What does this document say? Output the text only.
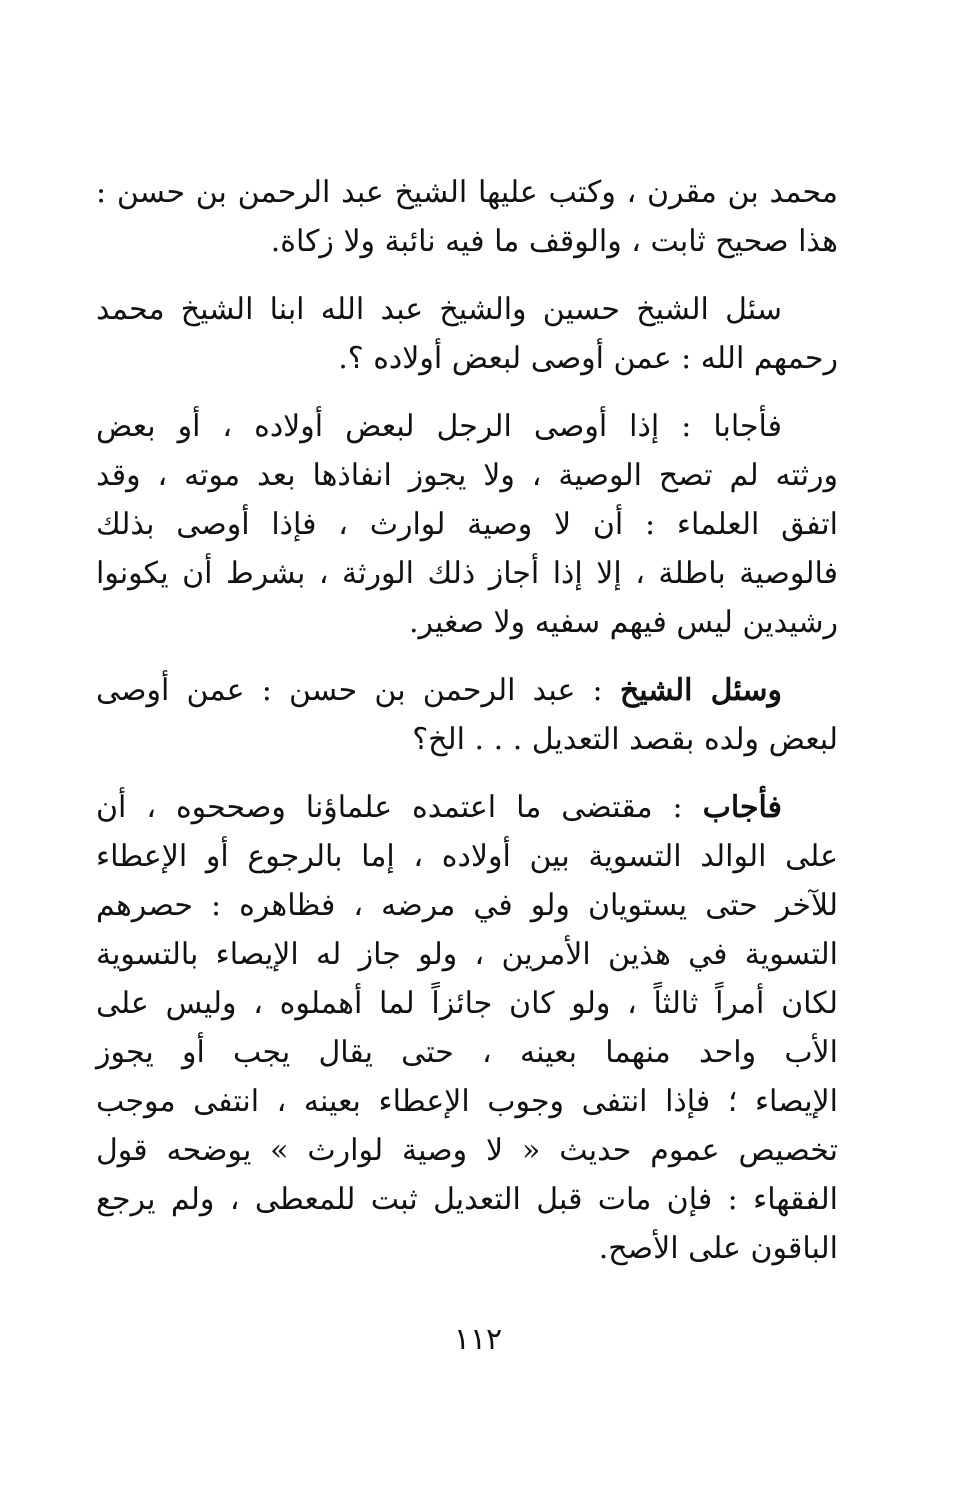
محمد بن مقرن ، وكتب عليها الشيخ عبد الرحمن بن حسن :
هذا صحيح ثابت ، والوقف ما فيه نائبة ولا زكاة.

سئل الشيخ حسين والشيخ عبد الله ابنا الشيخ محمد
رحمهم الله : عمن أوصى لبعض أولاده ؟.

فأجابا : إذا أوصى الرجل لبعض أولاده ، أو بعض
ورثته لم تصح الوصية ، ولا يجوز انفاذها بعد موته ، وقد
اتفق العلماء : أن لا وصية لوارث ، فإذا أوصى بذلك
فالوصية باطلة ، إلا إذا أجاز ذلك الورثة ، بشرط أن يكونوا
رشيدين ليس فيهم سفيه ولا صغير.

وسئل الشيخ : عبد الرحمن بن حسن : عمن أوصى
لبعض ولده بقصد التعديل . . . الخ؟

فأجاب : مقتضى ما اعتمده علماؤنا وصححوه ، أن
على الوالد التسوية بين أولاده ، إما بالرجوع أو الإعطاء
للآخر حتى يستويان ولو في مرضه ، فظاهره : حصرهم
التسوية في هذين الأمرين ، ولو جاز له الإيصاء بالتسوية
لكان أمراً ثالثاً ، ولو كان جائزاً لما أهملوه ، وليس على
الأب واحد منهما بعينه ، حتى يقال يجب أو يجوز
الإيصاء ؛ فإذا انتفى وجوب الإعطاء بعينه ، انتفى موجب
تخصيص عموم حديث « لا وصية لوارث » يوضحه قول
الفقهاء : فإن مات قبل التعديل ثبت للمعطى ، ولم يرجع
الباقون على الأصح.

١١٢
